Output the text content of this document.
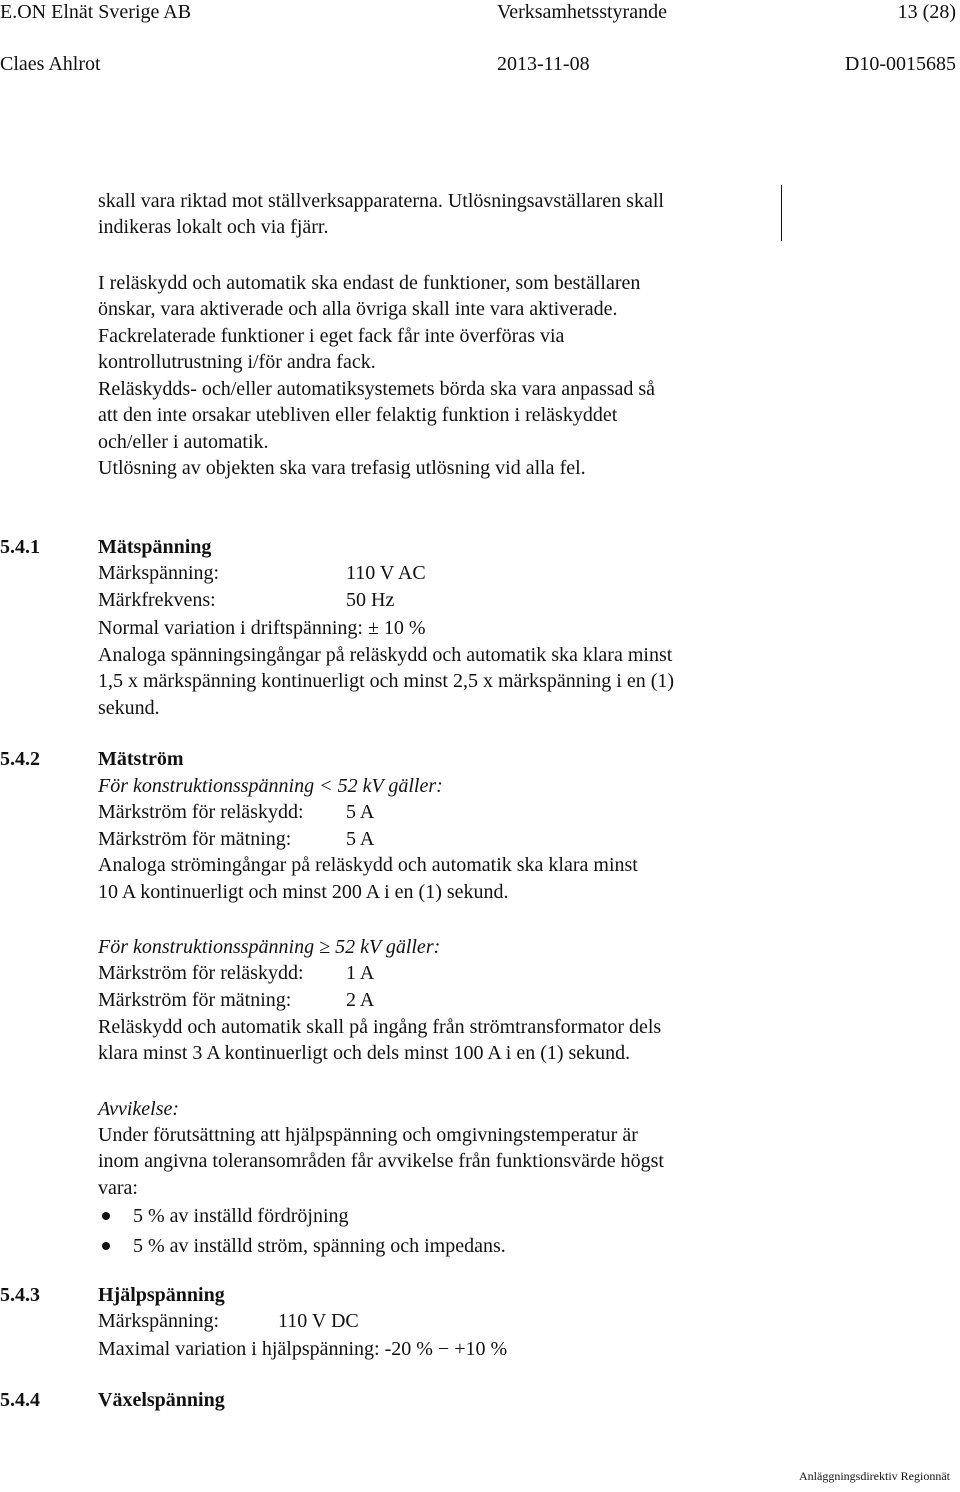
E.ON Elnät Sverige AB	Verksamhetsstyrande	13 (28)
Claes Ahlrot	2013-11-08	D10-0015685
skall vara riktad mot ställverksapparaterna. Utlösningsavställaren skall
indikeras lokalt och via fjärr.
I reläskydd och automatik ska endast de funktioner, som beställaren
önskar, vara aktiverade och alla övriga skall inte vara aktiverade.
Fackrelaterade funktioner i eget fack får inte överföras via
kontrollutrustning i/för andra fack.
Reläskydds- och/eller automatiksystemets börda ska vara anpassad så
att den inte orsakar utebliven eller felaktig funktion i reläskyddet
och/eller i automatik.
Utlösning av objekten ska vara trefasig utlösning vid alla fel.
5.4.1	Mätspänning
Märkspänning:	110 V AC
Märkfrekvens:	50 Hz
Normal variation i driftspänning: ± 10 %
Analoga spänningsingångar på reläskydd och automatik ska klara minst
1,5 x märkspänning kontinuerligt och minst 2,5 x märkspänning i en (1)
sekund.
5.4.2	Mätström
För konstruktionsspänning < 52 kV gäller:
Märkström för reläskydd: 5 A
Märkström för mätning:	5 A
Analoga strömingångar på reläskydd och automatik ska klara minst
10 A kontinuerligt och minst 200 A i en (1) sekund.
För konstruktionsspänning ≥ 52 kV gäller:
Märkström för reläskydd: 1 A
Märkström för mätning:	2 A
Reläskydd och automatik skall på ingång från strömtransformator dels
klara minst 3 A kontinuerligt och dels minst 100 A i en (1) sekund.
Avvikelse:
Under förutsättning att hjälpspänning och omgivningstemperatur är
inom angivna toleransområden får avvikelse från funktionsvärde högst
vara:
5 % av inställd fördröjning
5 % av inställd ström, spänning och impedans.
5.4.3	Hjälpspänning
Märkspänning:	110 V DC
Maximal variation i hjälpspänning: -20 % − +10 %
5.4.4	Växelspänning
Anläggningsdirektiv Regionnät
